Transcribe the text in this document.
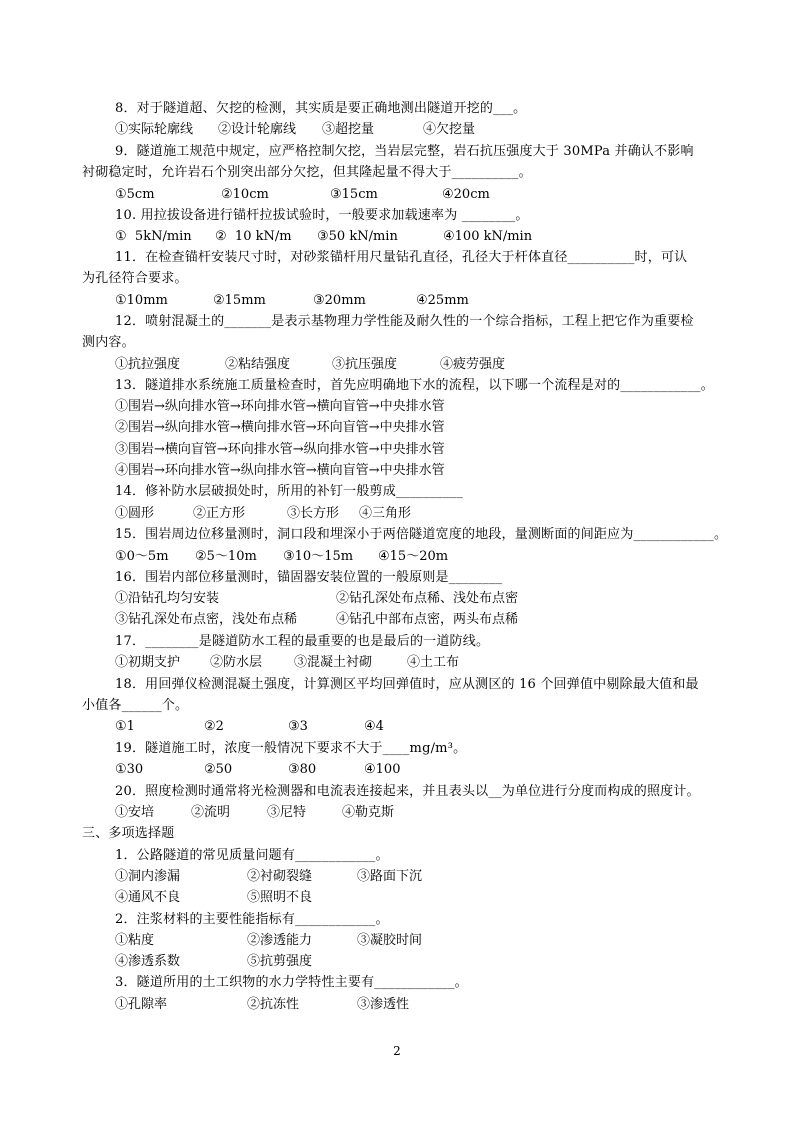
8．对于隧道超、欠挖的检测，其实质是要正确地测出隧道开挖的___。
①实际轮廓线 ②设计轮廓线 ③超挖量	④欠挖量
9．隧道施工规范中规定，应严格控制欠挖，当岩层完整，岩石抗压强度大于 30MPa 并确认不影响
衬砌稳定时，允许岩石个别突出部分欠挖，但其隆起量不得大于__________。
①5cm	②10cm	③15cm	④20cm
10. 用拉拔设备进行锚杆拉拔试验时，一般要求加载速率为 ________。
①  5kN/min ②  10 kN/m ③50 kN/min	④100 kN/min
11．在检查锚杆安装尺寸时，对砂浆锚杆用尺量钻孔直径，孔径大于杆体直径__________时，可认
为孔径符合要求。
①10mm	②15mm	③20mm	④25mm
12．喷射混凝土的_______是表示基物理力学性能及耐久性的一个综合指标，工程上把它作为重要检
测内容。
①抗拉强度	②粘结强度	③抗压强度	④疲劳强度
13．隧道排水系统施工质量检查时，首先应明确地下水的流程，以下哪一个流程是对的____________。
①围岩→纵向排水管→环向排水管→横向盲管→中央排水管
②围岩→纵向排水管→横向排水管→环向盲管→中央排水管
③围岩→横向盲管→环向排水管→纵向排水管→中央排水管
④围岩→环向排水管→纵向排水管→横向盲管→中央排水管
14．修补防水层破损处时，所用的补钉一般剪成__________
①圆形	②正方形	③长方形 ④三角形
15．围岩周边位移量测时，洞口段和埋深小于两倍隧道宽度的地段，量测断面的间距应为____________。
①0～5m ②5～10m ③10～15m ④15～20m
16．围岩内部位移量测时，锚固器安装位置的一般原则是________
①沿钻孔均匀安装	②钻孔深处布点稀、浅处布点密
③钻孔深处布点密，浅处布点稀	④钻孔中部布点密，两头布点稀
17．________是隧道防水工程的最重要的也是最后的一道防线。
①初期支护 ②防水层 ③混凝土衬砌	④土工布
18．用回弹仪检测混凝土强度，计算测区平均回弹值时，应从测区的 16 个回弹值中剔除最大值和最
小值各______个。
①1	②2	③3	④4
19．隧道施工时，浓度一般情况下要求不大于____mg/m³。
①30	②50	③80	④100
20．照度检测时通常将光检测器和电流表连接起来，并且表头以__为单位进行分度而构成的照度计。
①安培	②流明	③尼特	④勒克斯
三、多项选择题
1．公路隧道的常见质量问题有____________。
①洞内渗漏	②衬砌裂缝	③路面下沉
④通风不良	⑤照明不良
2．注浆材料的主要性能指标有____________。
①粘度	②渗透能力	③凝胶时间
④渗透系数	⑤抗剪强度
3．隧道所用的土工织物的水力学特性主要有____________。
①孔隙率	②抗冻性	③渗透性
2
